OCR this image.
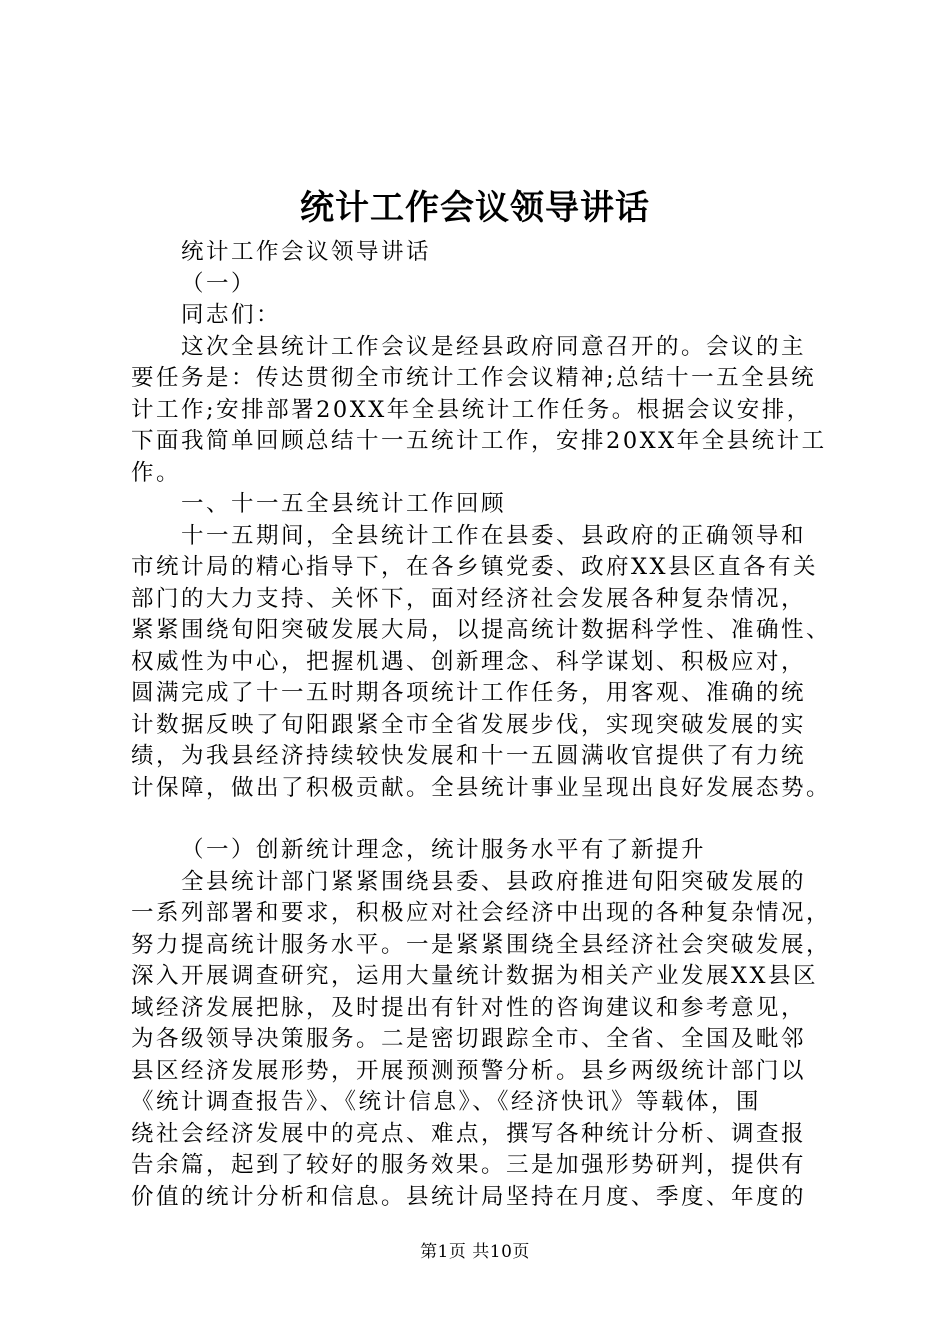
统计工作会议领导讲话
统计工作会议领导讲话
（一）
同志们：
这次全县统计工作会议是经县政府同意召开的。会议的主
要任务是：传达贯彻全市统计工作会议精神;总结十一五全县统
计工作;安排部署20XX年全县统计工作任务。根据会议安排，
下面我简单回顾总结十一五统计工作，安排20XX年全县统计工
作。
一、十一五全县统计工作回顾
十一五期间，全县统计工作在县委、县政府的正确领导和
市统计局的精心指导下，在各乡镇党委、政府XX县区直各有关
部门的大力支持、关怀下，面对经济社会发展各种复杂情况，
紧紧围绕旬阳突破发展大局，以提高统计数据科学性、准确性、
权威性为中心，把握机遇、创新理念、科学谋划、积极应对，
圆满完成了十一五时期各项统计工作任务，用客观、准确的统
计数据反映了旬阳跟紧全市全省发展步伐，实现突破发展的实
绩，为我县经济持续较快发展和十一五圆满收官提供了有力统
计保障，做出了积极贡献。全县统计事业呈现出良好发展态势。
（一）创新统计理念，统计服务水平有了新提升
全县统计部门紧紧围绕县委、县政府推进旬阳突破发展的
一系列部署和要求，积极应对社会经济中出现的各种复杂情况，
努力提高统计服务水平。一是紧紧围绕全县经济社会突破发展，
深入开展调查研究，运用大量统计数据为相关产业发展XX县区
域经济发展把脉，及时提出有针对性的咨询建议和参考意见，
为各级领导决策服务。二是密切跟踪全市、全省、全国及毗邻
县区经济发展形势，开展预测预警分析。县乡两级统计部门以
《统计调查报告》、《统计信息》、《经济快讯》等载体，围
绕社会经济发展中的亮点、难点，撰写各种统计分析、调查报
告余篇，起到了较好的服务效果。三是加强形势研判，提供有
价值的统计分析和信息。县统计局坚持在月度、季度、年度的
第1页 共10页
